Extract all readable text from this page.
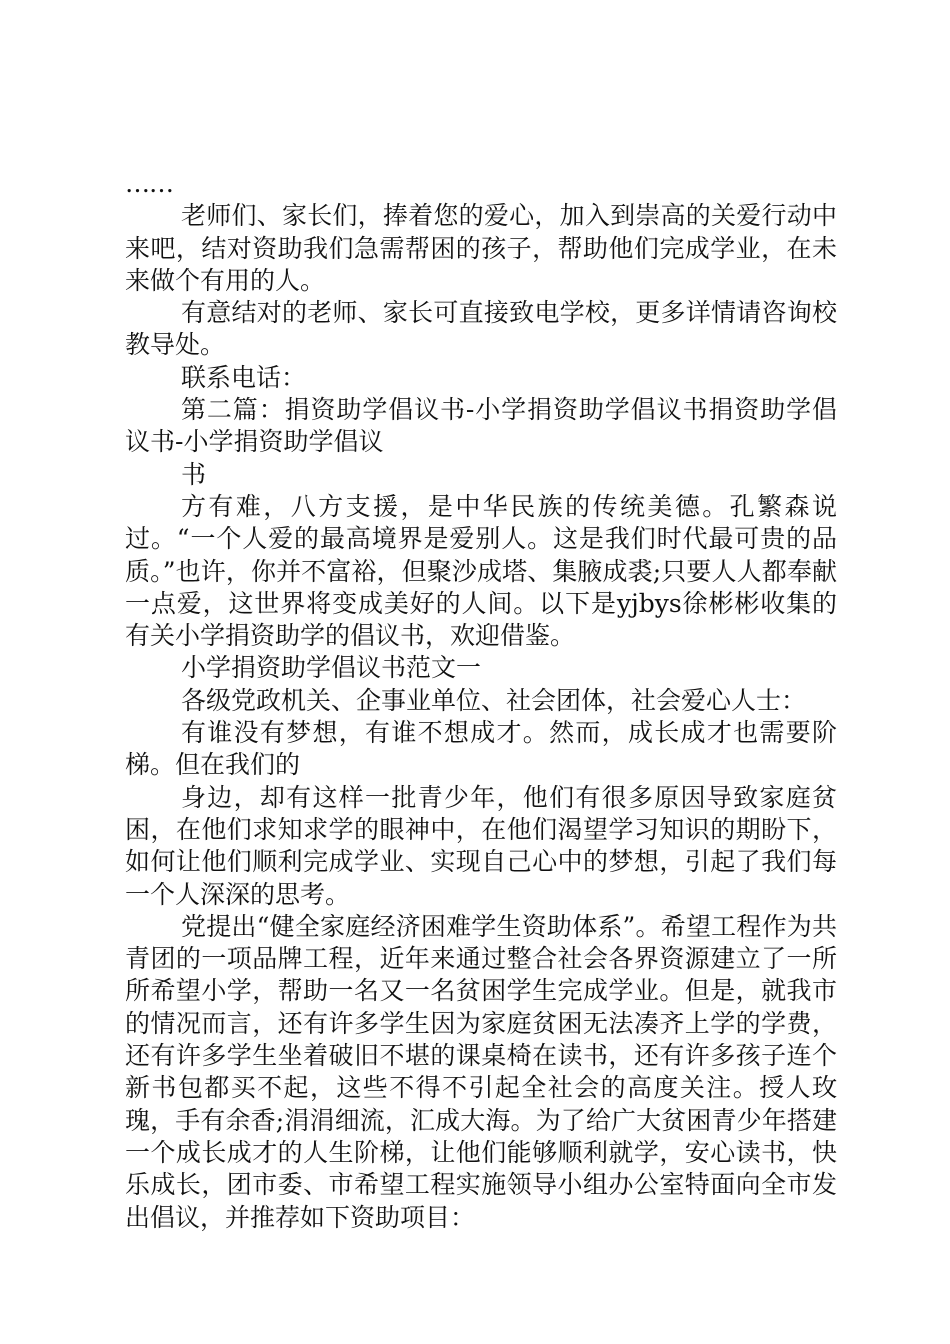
……

老师们、家长们，捧着您的爱心，加入到崇高的关爱行动中来吧，结对资助我们急需帮困的孩子，帮助他们完成学业，在未来做个有用的人。

有意结对的老师、家长可直接致电学校，更多详情请咨询校教导处。

联系电话：

第二篇：捐资助学倡议书-小学捐资助学倡议书捐资助学倡议书-小学捐资助学倡议

书

方有难，八方支援，是中华民族的传统美德。孔繁森说过。“一个人爱的最高境界是爱别人。这是我们时代最可贵的品质。”也许，你并不富裕，但聚沙成塔、集腋成裘;只要人人都奉献一点爱，这世界将变成美好的人间。以下是yjbys徐彬彬收集的有关小学捐资助学的倡议书，欢迎借鉴。

小学捐资助学倡议书范文一

各级党政机关、企事业单位、社会团体，社会爱心人士：

有谁没有梦想，有谁不想成才。然而，成长成才也需要阶梯。但在我们的

身边，却有这样一批青少年，他们有很多原因导致家庭贫困，在他们求知求学的眼神中，在他们渴望学习知识的期盼下，如何让他们顺利完成学业、实现自己心中的梦想，引起了我们每一个人深深的思考。

党提出“健全家庭经济困难学生资助体系”。希望工程作为共青团的一项品牌工程，近年来通过整合社会各界资源建立了一所所希望小学，帮助一名又一名贫困学生完成学业。但是，就我市的情况而言，还有许多学生因为家庭贫困无法凑齐上学的学费，还有许多学生坐着破旧不堪的课桌椅在读书，还有许多孩子连个新书包都买不起，这些不得不引起全社会的高度关注。授人玫瑰，手有余香;涓涓细流，汇成大海。为了给广大贫困青少年搭建一个成长成才的人生阶梯，让他们能够顺利就学，安心读书，快乐成长，团市委、市希望工程实施领导小组办公室特面向全市发出倡议，并推荐如下资助项目：
